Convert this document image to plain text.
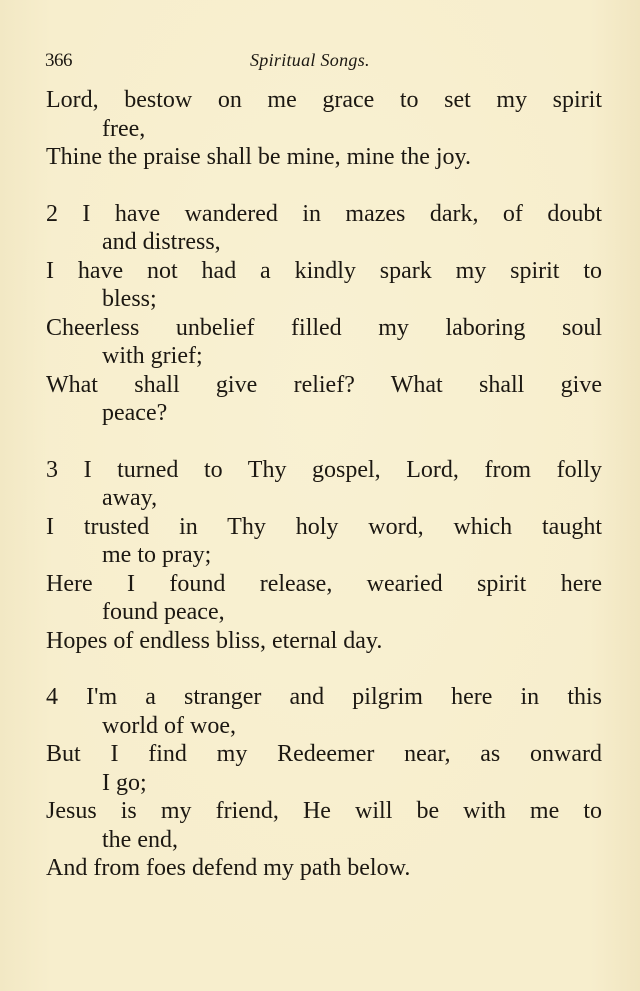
366	Spiritual Songs.
Lord, bestow on me grace to set my spirit
free,
Thine the praise shall be mine, mine the joy.
2 I have wandered in mazes dark, of doubt
and distress,
I have not had a kindly spark my spirit to
bless;
Cheerless unbelief filled my laboring soul
with grief;
What shall give relief? What shall give
peace?
3 I turned to Thy gospel, Lord, from folly
away,
I trusted in Thy holy word, which taught
me to pray;
Here I found release, wearied spirit here
found peace,
Hopes of endless bliss, eternal day.
4 I'm a stranger and pilgrim here in this
world of woe,
But I find my Redeemer near, as onward
I go;
Jesus is my friend, He will be with me to
the end,
And from foes defend my path below.
